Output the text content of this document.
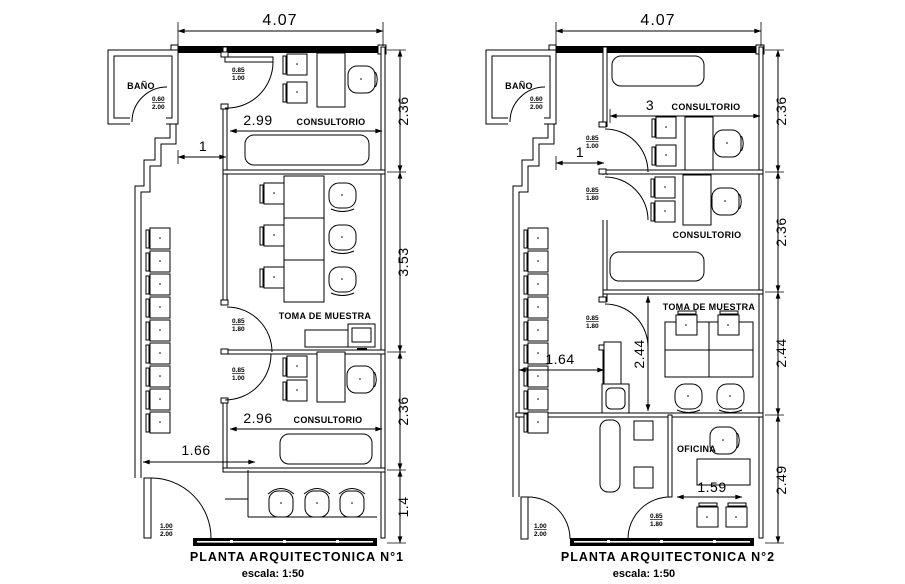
4.07
1
2.99
2.96
1.66
2.36
3.53
2.36
1.4
BAÑO
CONSULTORIO
TOMA DE MUESTRA
CONSULTORIO
0.60
2.00
0.85
1.00
0.85
1.80
0.85
1.00
1.00
2.00
PLANTA ARQUITECTONICA N°1
escala: 1:50
4.07
1
3
1.64	2.44
1.59
2.36
2.36
2.44
2.49
BAÑO
CONSULTORIO
CONSULTORIO
TOMA DE MUESTRA
OFICINA
0.60
2.00
0.85
1.00
0.85
1.80
0.85
1.80
0.85
1.80
1.00
2.00
PLANTA ARQUITECTONICA N°2
escala: 1:50
